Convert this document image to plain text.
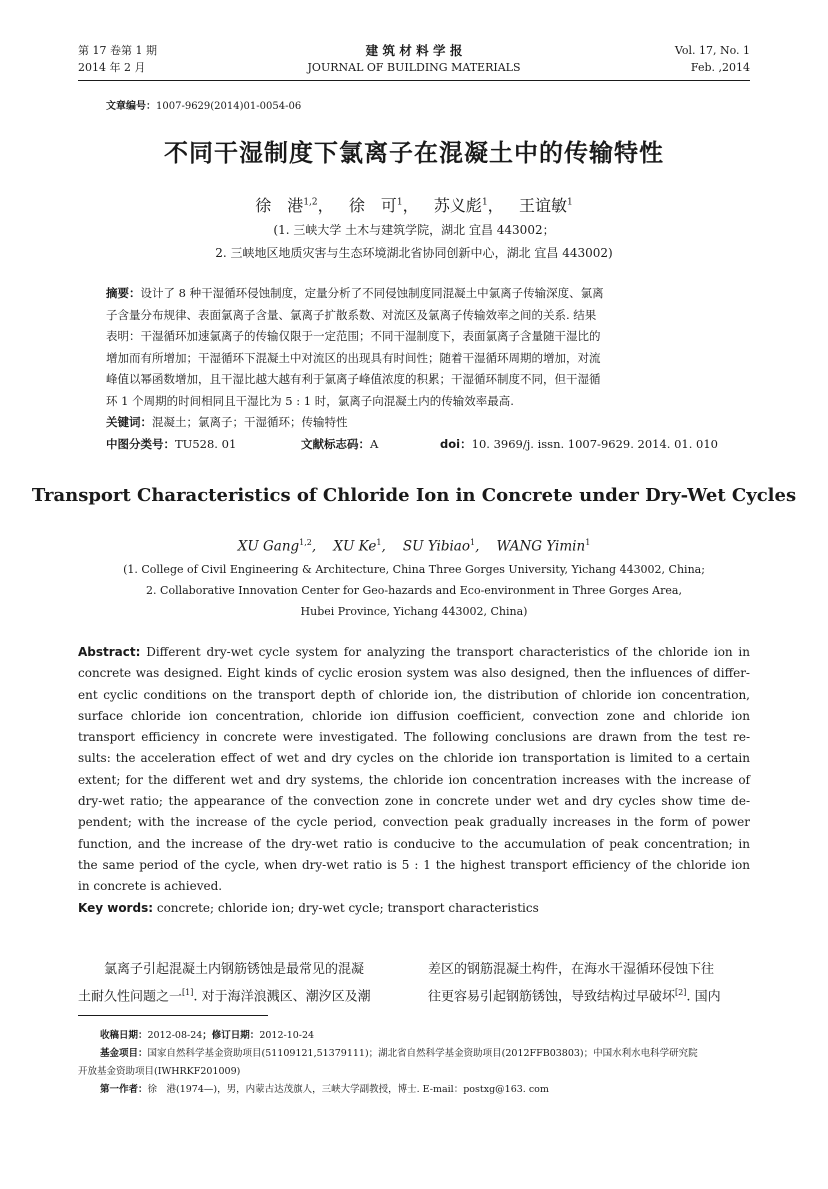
第 17 卷第 1 期
2014 年 2 月
建 筑 材 料 学 报
JOURNAL OF BUILDING MATERIALS
Vol. 17, No. 1
Feb. ,2014
文章编号：1007-9629(2014)01-0054-06
不同干湿制度下氯离子在混凝土中的传输特性
徐　港$^{1,2}$，   徐　可$^1$，   苏义彪$^1$，   王谊敏$^1$
(1. 三峡大学 土木与建筑学院，湖北 宜昌 443002；
2. 三峡地区地质灾害与生态环境湖北省协同创新中心，湖北 宜昌 443002)
摘要：设计了 8 种干湿循环侵蚀制度，定量分析了不同侵蚀制度同混凝土中氯离子传输深度、氯离
子含量分布规律、表面氯离子含量、氯离子扩散系数、对流区及氯离子传输效率之间的关系. 结果
表明：干湿循环加速氯离子的传输仅限于一定范围；不同干湿制度下，表面氯离子含量随干湿比的
增加而有所增加；干湿循环下混凝土中对流区的出现具有时间性；随着干湿循环周期的增加，对流
峰值以幂函数增加，且干湿比越大越有利于氯离子峰值浓度的积累；干湿循环制度不同，但干湿循
环 1 个周期的时间相同且干湿比为 5 : 1 时，氯离子向混凝土内的传输效率最高.
关键词：混凝土；氯离子；干湿循环；传输特性
中图分类号：TU528. 01	文献标志码：A	doi：10. 3969/j. issn. 1007-9629. 2014. 01. 010
Transport Characteristics of Chloride Ion in Concrete under Dry-Wet Cycles
XU Gang$^{1,2}$,    XU Ke$^1$,    SU Yibiao$^1$,    WANG Yimin$^1$
(1. College of Civil Engineering & Architecture, China Three Gorges University, Yichang 443002, China;
2. Collaborative Innovation Center for Geo-hazards and Eco-environment in Three Gorges Area,
Hubei Province, Yichang 443002, China)
Abstract: Different dry-wet cycle system for analyzing the transport characteristics of the chloride ion in
concrete was designed. Eight kinds of cyclic erosion system was also designed, then the influences of differ-
ent cyclic conditions on the transport depth of chloride ion, the distribution of chloride ion concentration,
surface chloride ion concentration, chloride ion diffusion coefficient, convection zone and chloride ion
transport efficiency in concrete were investigated. The following conclusions are drawn from the test re-
sults: the acceleration effect of wet and dry cycles on the chloride ion transportation is limited to a certain
extent; for the different wet and dry systems, the chloride ion concentration increases with the increase of
dry-wet ratio; the appearance of the convection zone in concrete under wet and dry cycles show time de-
pendent; with the increase of the cycle period, convection peak gradually increases in the form of power
function, and the increase of the dry-wet ratio is conducive to the accumulation of peak concentration; in
the same period of the cycle, when dry-wet ratio is 5 : 1 the highest transport efficiency of the chloride ion
in concrete is achieved.
Key words: concrete; chloride ion; dry-wet cycle; transport characteristics
氯离子引起混凝土内钢筋锈蚀是最常见的混凝
土耐久性问题之一[1]. 对于海洋浪溅区、潮汐区及潮
差区的钢筋混凝土构件，在海水干湿循环侵蚀下往
往更容易引起钢筋锈蚀，导致结构过早破坏[2]. 国内
收稿日期：2012-08-24；修订日期：2012-10-24
基金项目：国家自然科学基金资助项目(51109121,51379111)；湖北省自然科学基金资助项目(2012FFB03803)；中国水利水电科学研究院
开放基金资助项目(IWHRKF201009)
第一作者：徐　港(1974—)，男，内蒙古达茂旗人，三峡大学副教授，博士. E-mail：postxg@163. com
